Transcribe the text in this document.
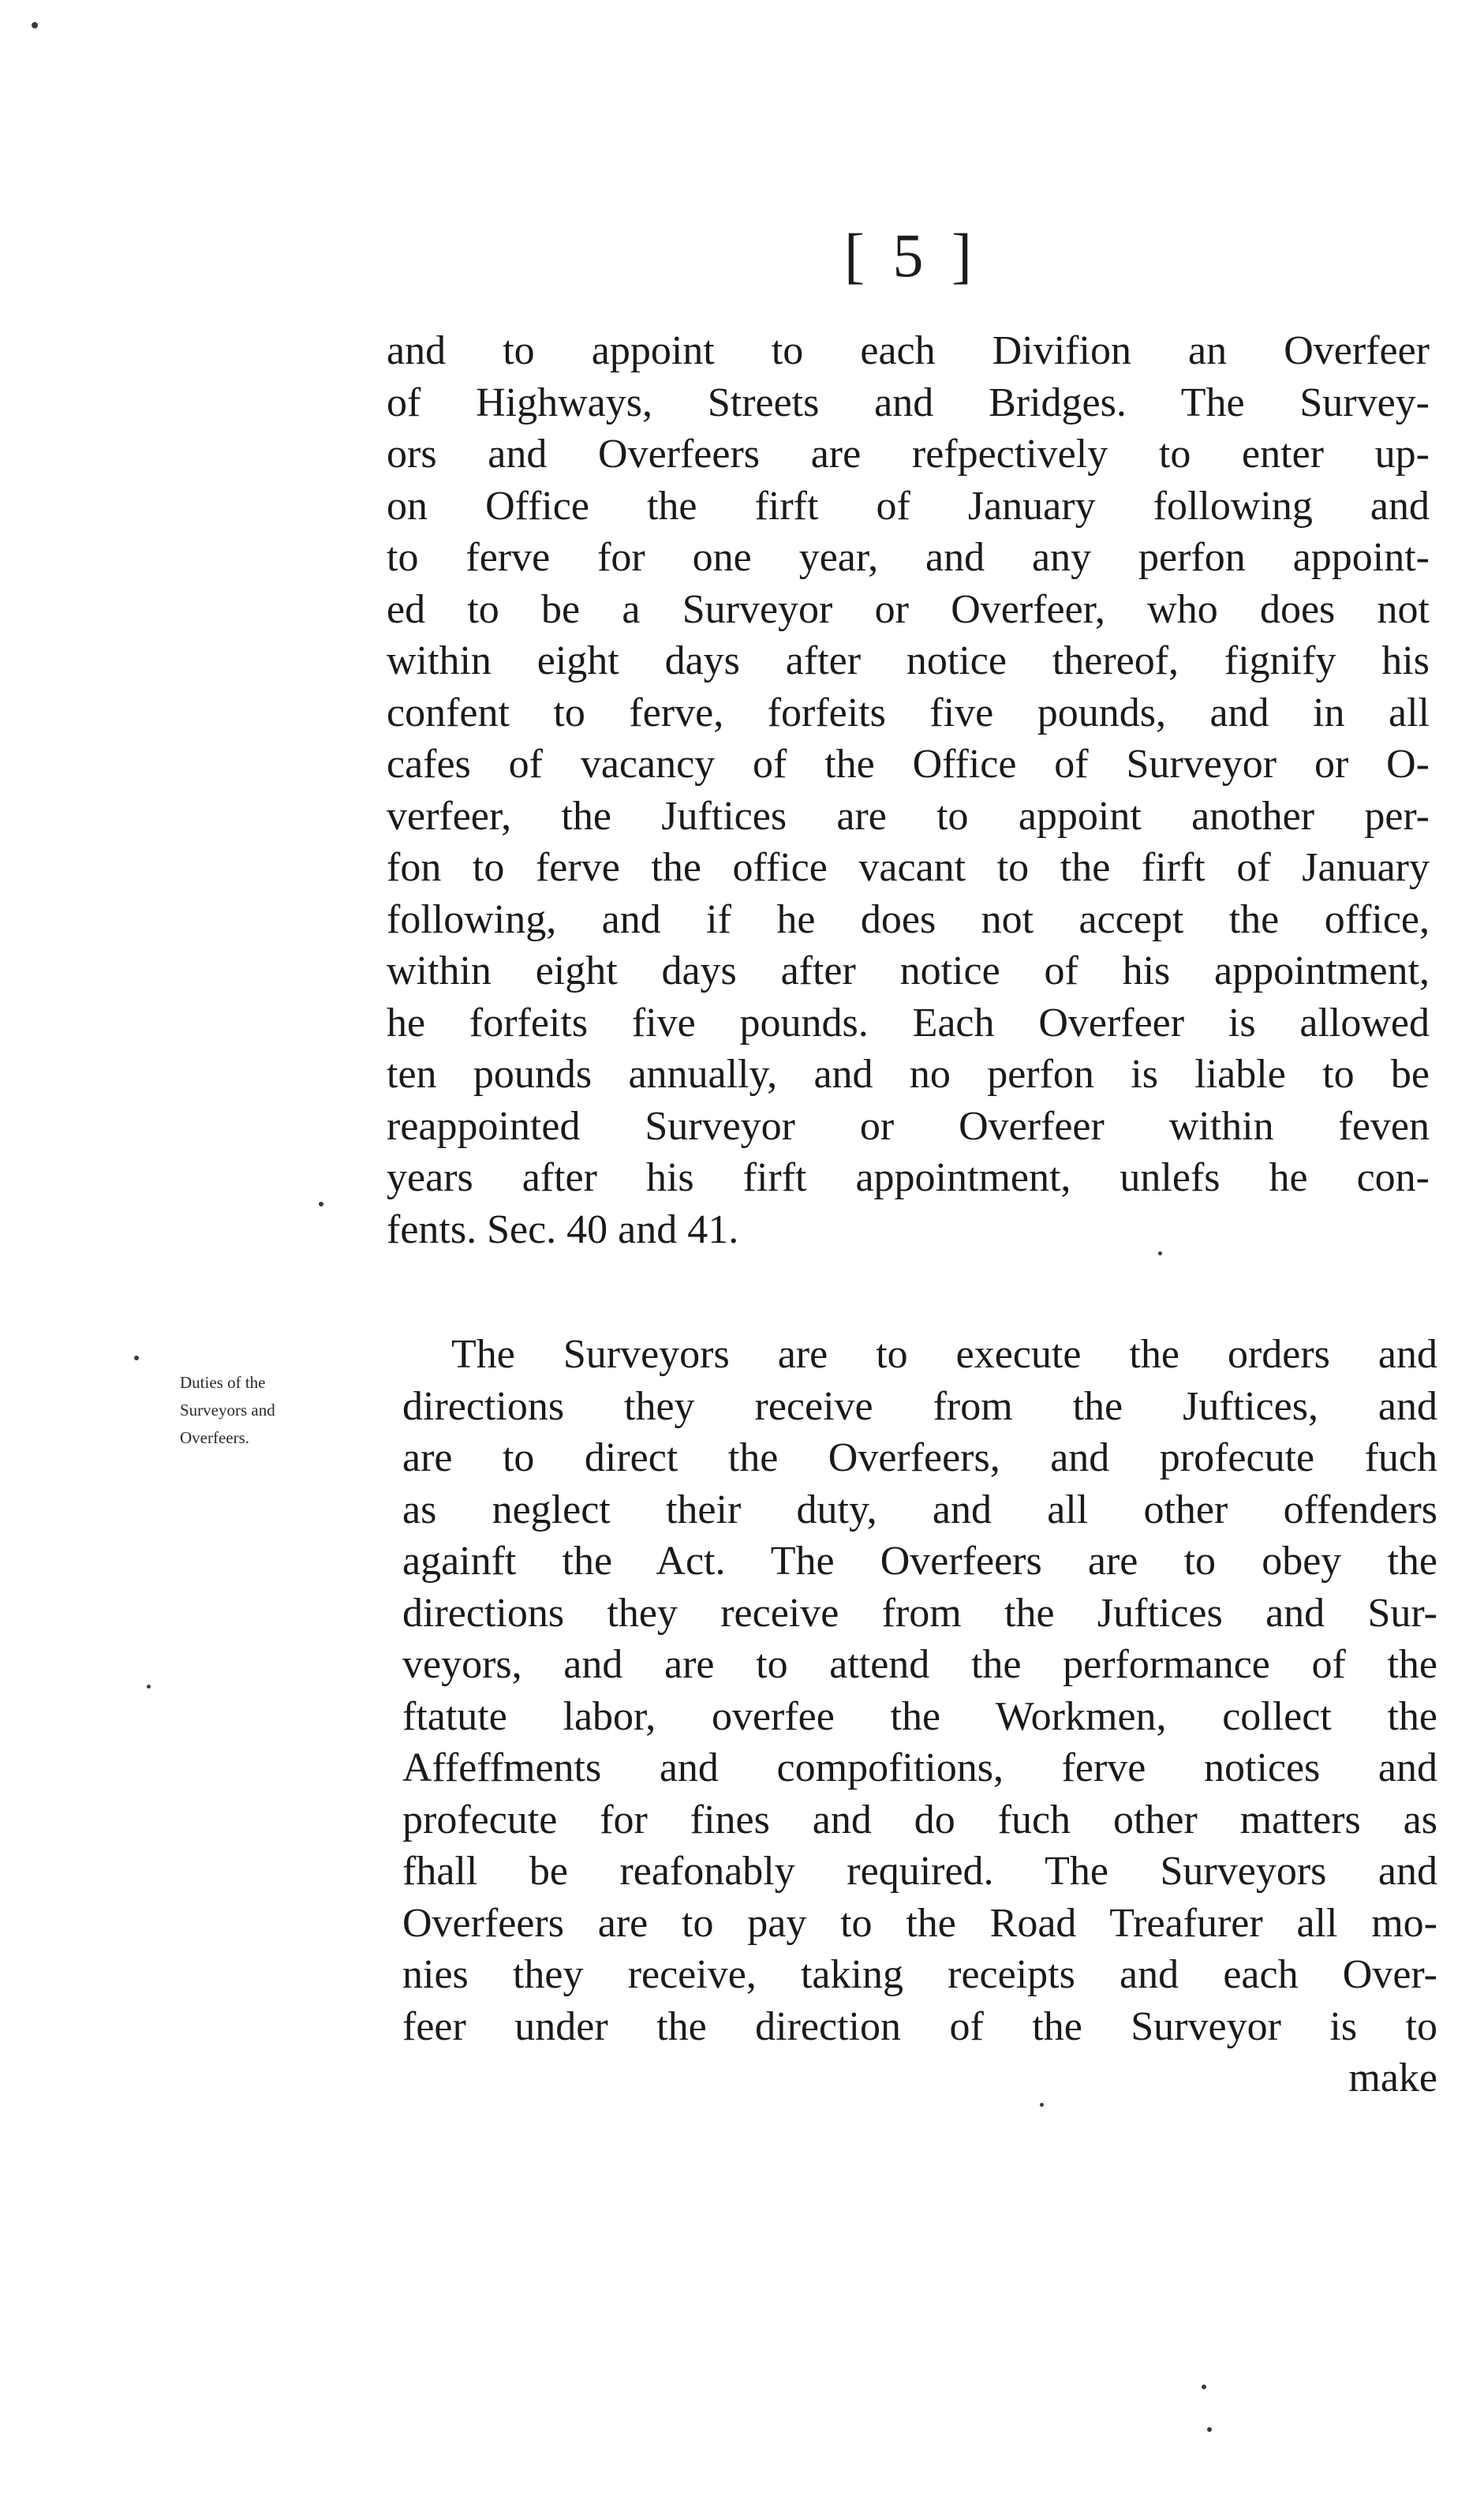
[ 5 ]
and to appoint to each Divifion an Overfeer
of Highways, Streets and Bridges. The Survey-
ors and Overfeers are refpectively to enter up-
on Office the firft of January following and
to ferve for one year, and any perfon appoint-
ed to be a Surveyor or Overfeer, who does not
within eight days after notice thereof, fignify his
confent to ferve, forfeits five pounds, and in all
cafes of vacancy of the Office of Surveyor or O-
verfeer, the Juftices are to appoint another per-
fon to ferve the office vacant to the firft of January
following, and if he does not accept the office,
within eight days after notice of his appointment,
he forfeits five pounds. Each Overfeer is allowed
ten pounds annually, and no perfon is liable to be
reappointed Surveyor or Overfeer within feven
years after his firft appointment, unlefs he con-
fents. Sec. 40 and 41.
Duties of the
Surveyors and
Overfeers.
The Surveyors are to execute the orders and
directions they receive from the Juftices, and
are to direct the Overfeers, and profecute fuch
as neglect their duty, and all other offenders
againft the Act. The Overfeers are to obey the
directions they receive from the Juftices and Sur-
veyors, and are to attend the performance of the
ftatute labor, overfee the Workmen, collect the
Affeffments and compofitions, ferve notices and
profecute for fines and do fuch other matters as
fhall be reafonably required. The Surveyors and
Overfeers are to pay to the Road Treafurer all mo-
nies they receive, taking receipts and each Over-
feer under the direction of the Surveyor is to
make
